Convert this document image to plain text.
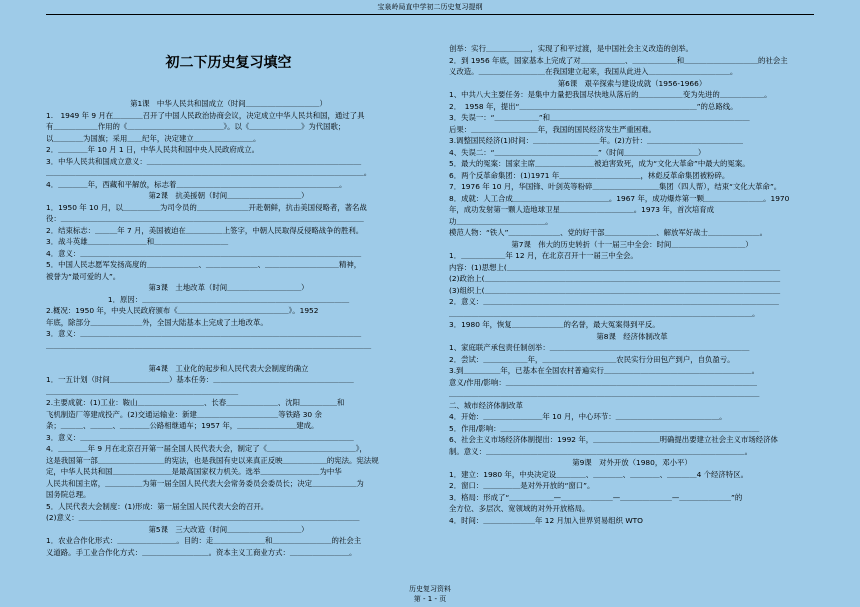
宝泉岭局直中学初二历史复习提纲

初二下历史复习填空

第1课　中华人民共和国成立（时间＿＿＿＿＿＿＿＿＿＿）
1.　1949 年 9 月在＿＿＿＿召开了中国人民政治协商会议，决定成立中华人民共和国，通过了具
有＿＿＿＿＿＿作用的《＿＿＿＿＿＿＿＿＿＿＿＿＿》。以《＿＿＿＿＿＿＿》为代国歌；
以＿＿＿＿为国旗；采用＿＿纪年，决定建立＿＿＿＿＿＿＿＿。
2．＿＿＿＿年 10 月 1 日，中华人民共和国中央人民政府成立。
3．中华人民共和国成立意义：＿＿＿＿＿＿＿＿＿＿＿＿＿＿＿＿＿＿＿＿＿＿＿＿＿＿＿＿＿
＿＿＿＿＿＿＿＿＿＿＿＿＿＿＿＿＿＿＿＿＿＿＿＿＿＿＿＿＿＿＿＿＿＿＿＿＿＿＿＿＿＿＿。
4．＿＿＿＿年，西藏和平解放，标志着＿＿＿＿＿＿＿＿＿＿＿＿＿＿＿＿＿＿＿＿＿＿。
第2课　抗美援朝（时间＿＿＿＿＿＿＿＿＿＿）
1．1950 年 10 月，以＿＿＿＿＿为司令员的＿＿＿＿＿＿＿开赴朝鲜，抗击美国侵略者，著名战
役：＿＿＿＿＿＿＿＿＿＿＿＿＿＿＿＿＿＿＿＿＿＿＿＿＿＿＿＿＿＿＿＿＿＿＿＿＿＿＿＿＿
2．结束标志：＿＿＿年 7 月，美国被迫在＿＿＿＿＿上签字，中朝人民取得反侵略战争的胜利。
3．战斗英雄＿＿＿＿＿＿＿＿和＿＿＿＿＿＿＿＿＿＿
4．意义：＿＿＿＿＿＿＿＿＿＿＿＿＿＿＿＿＿＿＿＿＿＿＿＿＿＿＿＿＿＿＿＿＿＿＿＿＿＿
5．中国人民志愿军发扬高度的＿＿＿＿＿＿＿、＿＿＿＿＿＿＿、＿＿＿＿＿＿＿＿＿＿精神，
被誉为“最可爱的人”。
第3课　土地改革（时间＿＿＿＿＿＿＿＿＿＿）
1．原因：＿＿＿＿＿＿＿＿＿＿＿＿＿＿＿＿＿＿＿＿＿＿＿＿＿＿＿＿
2.概况：1950 年，中央人民政府颁布《＿＿＿＿＿＿＿＿＿＿＿＿＿＿＿》。1952
年底，除部分＿＿＿＿＿＿＿外，全国大陆基本上完成了土地改革。
3．意义：＿＿＿＿＿＿＿＿＿＿＿＿＿＿＿＿＿＿＿＿＿＿＿＿＿＿＿＿＿＿＿＿＿＿＿＿＿＿
＿＿＿＿＿＿＿＿＿＿＿＿＿＿＿＿＿＿＿＿＿＿＿＿＿＿＿＿＿＿＿＿＿＿＿＿＿＿＿＿＿＿＿＿

第4课　工业化的起步和人民代表大会制度的确立
1．一五计划（时间＿＿＿＿＿＿＿＿）基本任务：＿＿＿＿＿＿＿＿＿＿＿＿＿＿＿＿＿＿＿
＿＿＿＿＿＿＿＿＿＿＿＿＿＿＿＿＿＿＿＿＿＿＿＿＿＿
2.主要成就：(1)工业：鞍山＿＿＿＿＿＿＿＿＿、长春＿＿＿＿＿＿＿、沈阳＿＿＿＿＿和
飞机制造厂等建成投产。(2)交通运输业：新建＿＿＿＿＿＿＿＿＿＿＿等铁路 30 余
条；＿＿＿、＿＿＿、＿＿＿＿公路相继通车；1957 年，＿＿＿＿＿＿＿＿建成。
3．意义：＿＿＿＿＿＿＿＿＿＿＿＿＿＿＿＿＿＿＿＿＿＿＿＿＿＿＿＿＿＿＿＿＿＿＿＿＿
4．＿＿＿＿年 9 月在北京召开第一届全国人民代表大会，制定了《＿＿＿＿＿＿＿＿＿＿＿＿》，
这是我国第一部＿＿＿＿＿＿＿＿＿的宪法，也是我国有史以来真正反映＿＿＿＿＿＿的宪法。宪法规
定，中华人民共和国＿＿＿＿＿＿＿＿是最高国家权力机关。选举＿＿＿＿＿＿＿＿为中华
人民共和国主席，＿＿＿＿＿为第一届全国人民代表大会常务委员会委员长；决定＿＿＿＿＿＿为
国务院总理。
5．人民代表大会制度：(1)形成：第一届全国人民代表大会的召开。
(2)意义：＿＿＿＿＿＿＿＿＿＿＿＿＿＿＿＿＿＿＿＿＿＿＿＿＿＿＿＿＿＿＿＿＿＿＿＿＿＿
第5课　三大改造（时间＿＿＿＿＿＿＿＿＿＿）
1．农业合作化形式：＿＿＿＿＿＿＿＿。目的：走＿＿＿＿＿＿＿和＿＿＿＿＿＿＿＿的社会主
义道路。手工业合作化方式：＿＿＿＿＿＿＿＿＿。资本主义工商业方式：＿＿＿＿＿＿＿＿。

创举：实行＿＿＿＿＿＿，实现了和平过渡，是中国社会主义改造的创举。
2．到 1956 年底，国家基本上完成了对＿＿＿＿＿＿、＿＿＿＿＿＿和＿＿＿＿＿＿＿＿＿＿的社会主
义改造。＿＿＿＿＿＿＿＿＿在我国建立起来，我国从此进入＿＿＿＿＿＿＿＿＿＿＿。
第6课　艰辛探索与建设成就（1956-1966）
1、中共八大主要任务：是集中力量把我国尽快地从落后的＿＿＿＿＿＿变为先进的＿＿＿＿＿＿。
2．　1958 年，提出“＿＿＿＿＿＿＿＿＿＿＿＿＿＿＿＿＿＿＿＿＿＿＿＿”的总路线。
3．失误一：“＿＿＿＿＿＿”和＿＿＿＿＿＿＿＿＿＿＿＿＿＿＿＿＿＿＿＿＿＿＿＿＿＿＿
后果：＿＿＿＿＿＿＿＿＿年，我国的国民经济发生严重困难。
3.调整国民经济(1)时间：＿＿＿＿＿＿＿＿＿年。(2)方针：＿＿＿＿＿＿＿＿＿＿＿＿＿
4、失误二：“＿＿＿＿＿＿＿＿＿＿＿＿＿＿”（时间＿＿＿＿＿＿＿＿＿＿）
5．最大的冤案：国家主席＿＿＿＿＿＿＿＿被迫害致死，成为“文化大革命”中最大的冤案。
6．两个反革命集团：(1)1971 年＿＿＿＿＿＿＿＿＿＿＿，林彪反革命集团被粉碎。
7．1976 年 10 月，华国锋、叶剑英等粉碎＿＿＿＿＿＿＿＿＿集团（四人帮），结束“文化大革命”。
8．成就：人工合成＿＿＿＿＿＿＿＿＿＿＿＿＿。1967 年，成功爆炸第一颗＿＿＿＿＿＿＿＿。1970
年，成功发射第一颗人造地球卫星＿＿＿＿＿＿＿＿＿＿。1973 年，首次培育成
功＿＿＿＿＿＿＿＿＿＿＿＿。
模范人物：“铁人”＿＿＿＿＿＿＿、党的好干部＿＿＿＿＿＿＿、解放军好战士＿＿＿＿＿＿＿。
第7课　伟大的历史转折（十一届三中全会：时间＿＿＿＿＿＿＿＿＿＿）
1．＿＿＿＿＿＿年 12 月，在北京召开十一届三中全会。
内容：(1)思想上(＿＿＿＿＿＿＿＿＿＿＿＿＿＿＿＿＿＿＿＿＿＿＿＿＿＿＿＿＿＿＿＿＿＿＿＿＿
(2)政治上(＿＿＿＿＿＿＿＿＿＿＿＿＿＿＿＿＿＿＿＿＿＿＿＿＿＿＿＿＿＿＿＿＿＿＿＿＿＿＿＿
(3)组织上(＿＿＿＿＿＿＿＿＿＿＿＿＿＿＿＿＿＿＿＿＿＿＿＿＿＿＿＿＿＿＿＿＿＿＿＿＿＿＿＿
2．意义：＿＿＿＿＿＿＿＿＿＿＿＿＿＿＿＿＿＿＿＿＿＿＿＿＿＿＿＿＿＿＿＿＿＿＿＿＿＿＿＿
＿＿＿＿＿＿＿＿＿＿＿＿＿＿＿＿＿＿＿＿＿＿＿＿＿＿＿＿＿＿＿＿＿＿＿＿＿＿＿＿＿。
3．1980 年，恢复＿＿＿＿＿＿＿的名誉，最大冤案得到平反。
第8课　经济体制改革
1、家庭联产承包责任制创举：＿＿＿＿＿＿＿＿＿＿＿＿＿＿＿＿＿＿＿＿＿＿＿＿＿＿＿
2．尝试：＿＿＿＿＿＿年，＿＿＿＿＿＿＿＿＿＿农民实行分田包产到户，自负盈亏。
3.到＿＿＿＿＿年，已基本在全国农村普遍实行＿＿＿＿＿＿＿＿＿＿＿＿＿＿＿＿＿＿＿＿。
意义/作用/影响：＿＿＿＿＿＿＿＿＿＿＿＿＿＿＿＿＿＿＿＿＿＿＿＿＿＿＿＿＿＿＿＿＿＿
＿＿＿＿＿＿＿＿＿＿＿＿＿＿＿＿＿＿＿＿＿＿＿＿＿＿＿＿＿＿＿＿＿＿＿＿＿＿＿＿＿＿
二、城市经济体制改革
4．开始：＿＿＿＿＿＿＿＿年 10 月，中心环节：＿＿＿＿＿＿＿＿＿＿＿＿＿＿。
5．作用/影响：＿＿＿＿＿＿＿＿＿＿＿＿＿＿＿＿＿＿＿＿＿＿＿＿＿＿＿＿＿＿＿＿＿＿＿
6、社会主义市场经济体制提出：1992 年，＿＿＿＿＿＿＿＿＿明确提出要建立社会主义市场经济体
制。意义：＿＿＿＿＿＿＿＿＿＿＿＿＿＿＿＿＿＿＿＿＿＿＿＿＿＿＿＿＿＿＿＿＿＿＿。
第9课　对外开放（1980，邓小平）
1．建立：1980 年，中央决定设＿＿＿＿、＿＿＿＿、＿＿＿＿、＿＿＿＿4 个经济特区。
2．窗口：＿＿＿＿＿是对外开放的“窗口”。
3．格局：形成了“＿＿＿＿＿＿—＿＿＿＿＿＿＿—＿＿＿＿＿＿＿—＿＿＿＿＿＿＿”的
全方位、多层次、宽领域的对外开放格局。
4．时间：＿＿＿＿＿＿＿年 12 月加入世界贸易组织 WTO

历史复习资料
第 - 1 - 页
